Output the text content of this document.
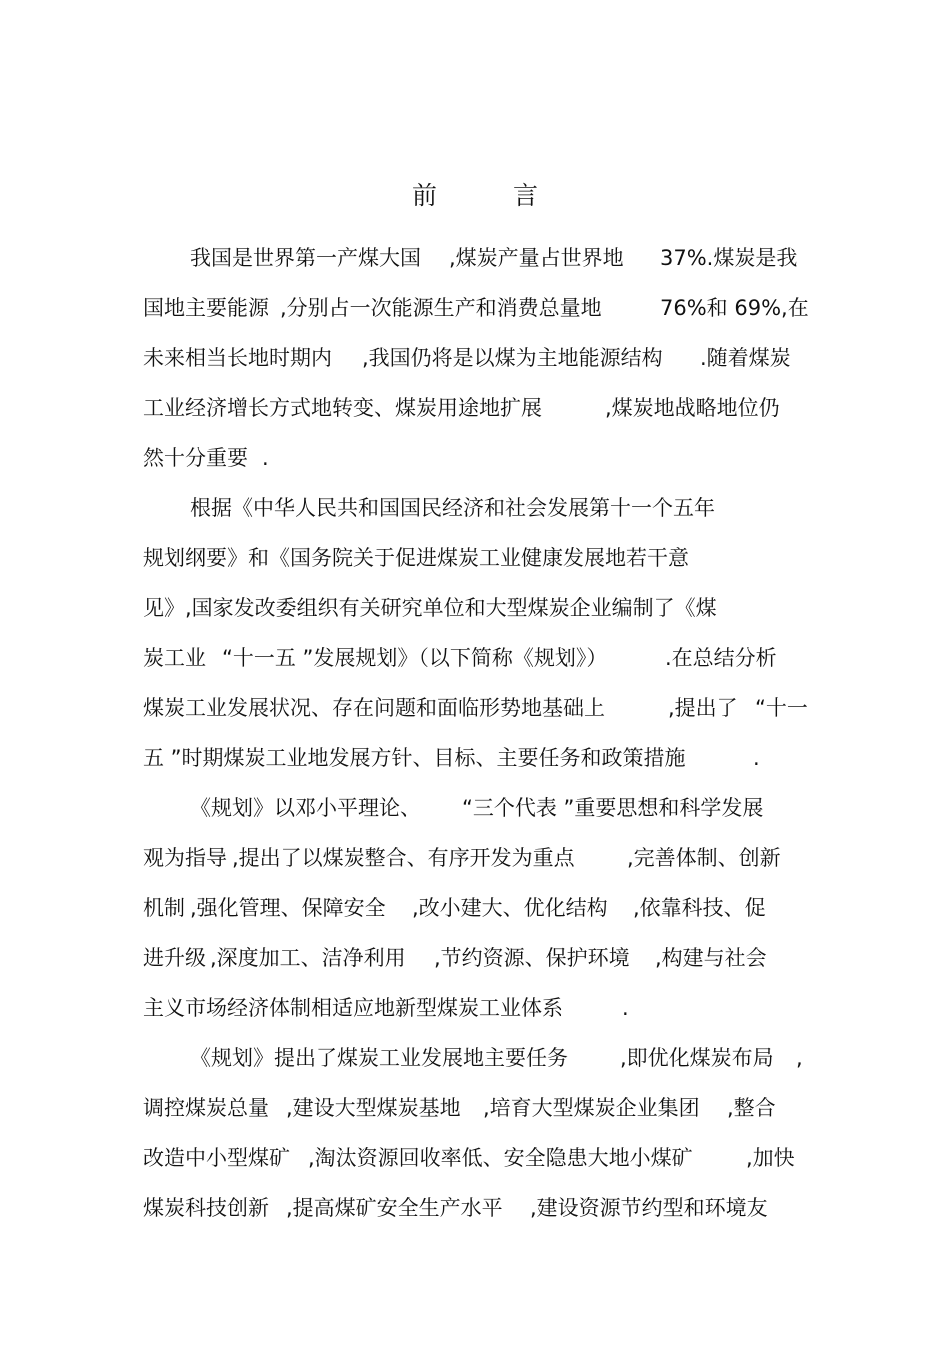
前 言

我国是世界第一产煤大国

,煤炭产量占世界地

37%.煤炭是我

国地主要能源

,分别占一次能源生产和消费总量地

	76%和 69%,在

未来相当长地时期内

,我国仍将是以煤为主地能源结构

.随着煤炭

工业经济增长方式地转变、煤炭用途地扩展

	,煤炭地战略地位仍

然十分重要

.

根据《中华人民共和国国民经济和社会发展第十一个五年

规划纲要》和《国务院关于促进煤炭工业健康发展地若干意

见》,国家发改委组织有关研究单位和大型煤炭企业编制了《煤

炭工业

“十一五 ”发展规划》（以下简称《规划》）

	.在总结分析

煤炭工业发展状况、存在问题和面临形势地基础上

	,提出了

“十一

五 ”时期煤炭工业地发展方针、目标、主要任务和政策措施

	.

《规划》以邓小平理论、

“三个代表 ”重要思想和科学发展

观为指导

,提出了以煤炭整合、有序开发为重点

,完善体制、创新

机制

,强化管理、保障安全

,改小建大、优化结构

,依靠科技、促

进升级

,深度加工、洁净利用

,节约资源、保护环境

,构建与社会

主义市场经济体制相适应地新型煤炭工业体系

	.

《规划》提出了煤炭工业发展地主要任务

,即优化煤炭布局

,

调控煤炭总量

,建设大型煤炭基地

,培育大型煤炭企业集团

,整合

改造中小型煤矿

,淘汰资源回收率低、安全隐患大地小煤矿

	,加快

煤炭科技创新

,提高煤矿安全生产水平

,建设资源节约型和环境友
